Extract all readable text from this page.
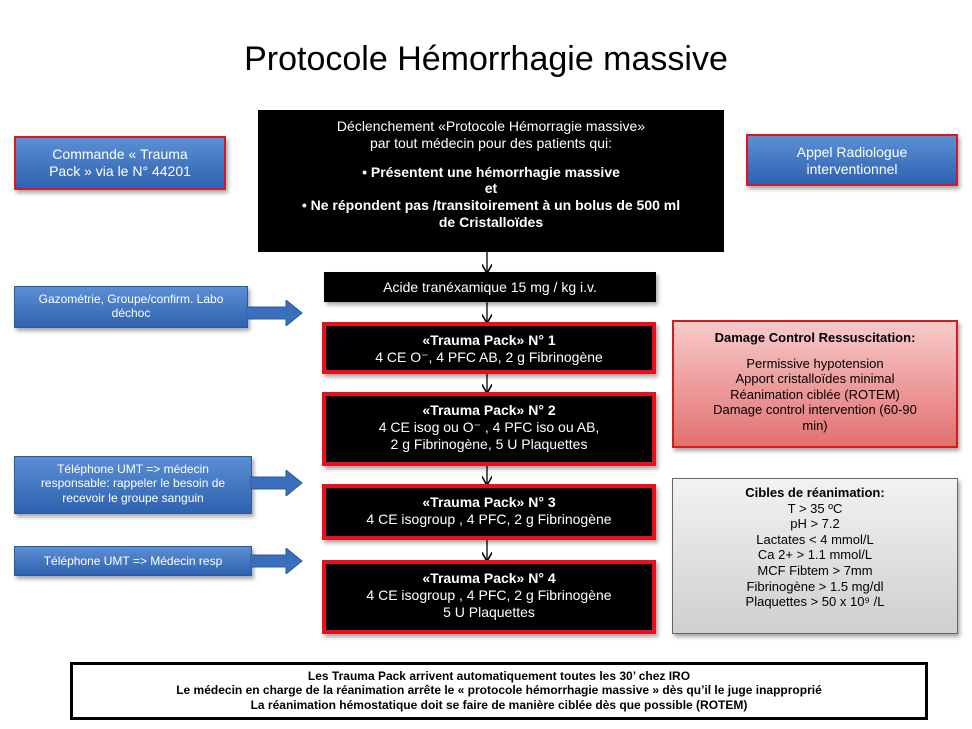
Protocole Hémorrhagie massive
Déclenchement «Protocole Hémorragie massive»
par tout médecin pour des patients qui:
• Présentent une hémorrhagie massive
et
• Ne répondent pas /transitoirement à un bolus de 500 ml
de Cristalloïdes
Commande « Trauma
Pack » via le N° 44201
Appel Radiologue
interventionnel
Acide tranéxamique 15 mg / kg i.v.
Gazométrie, Groupe/confirm. Labo
déchoc
«Trauma Pack» N° 1
4 CE O⁻, 4 PFC AB, 2 g Fibrinogène
«Trauma Pack» N° 2
4 CE isog ou O⁻ , 4 PFC iso ou AB,
2 g Fibrinogène, 5 U Plaquettes
Damage Control Ressuscitation:
Permissive hypotension
Apport cristalloïdes minimal
Réanimation ciblée (ROTEM)
Damage control intervention (60-90
min)
Téléphone UMT => médecin
responsable: rappeler le besoin de
recevoir le groupe sanguin	«Trauma Pack» N° 3
4 CE isogroup , 4 PFC, 2 g Fibrinogène
Cibles de réanimation:
T > 35 ºC
pH > 7.2
Lactates < 4 mmol/L
Ca 2+ > 1.1 mmol/L
MCF Fibtem > 7mm
Fibrinogène > 1.5 mg/dl
Plaquettes > 50 x 10⁹ /L
Téléphone UMT => Médecin resp
«Trauma Pack» N° 4
4 CE isogroup , 4 PFC, 2 g Fibrinogène
5 U Plaquettes
Les Trauma Pack arrivent automatiquement toutes les 30’ chez IRO
Le médecin en charge de la réanimation arrête le « protocole hémorrhagie massive » dès qu’il le juge inapproprié
La réanimation hémostatique doit se faire de manière ciblée dès que possible (ROTEM)
